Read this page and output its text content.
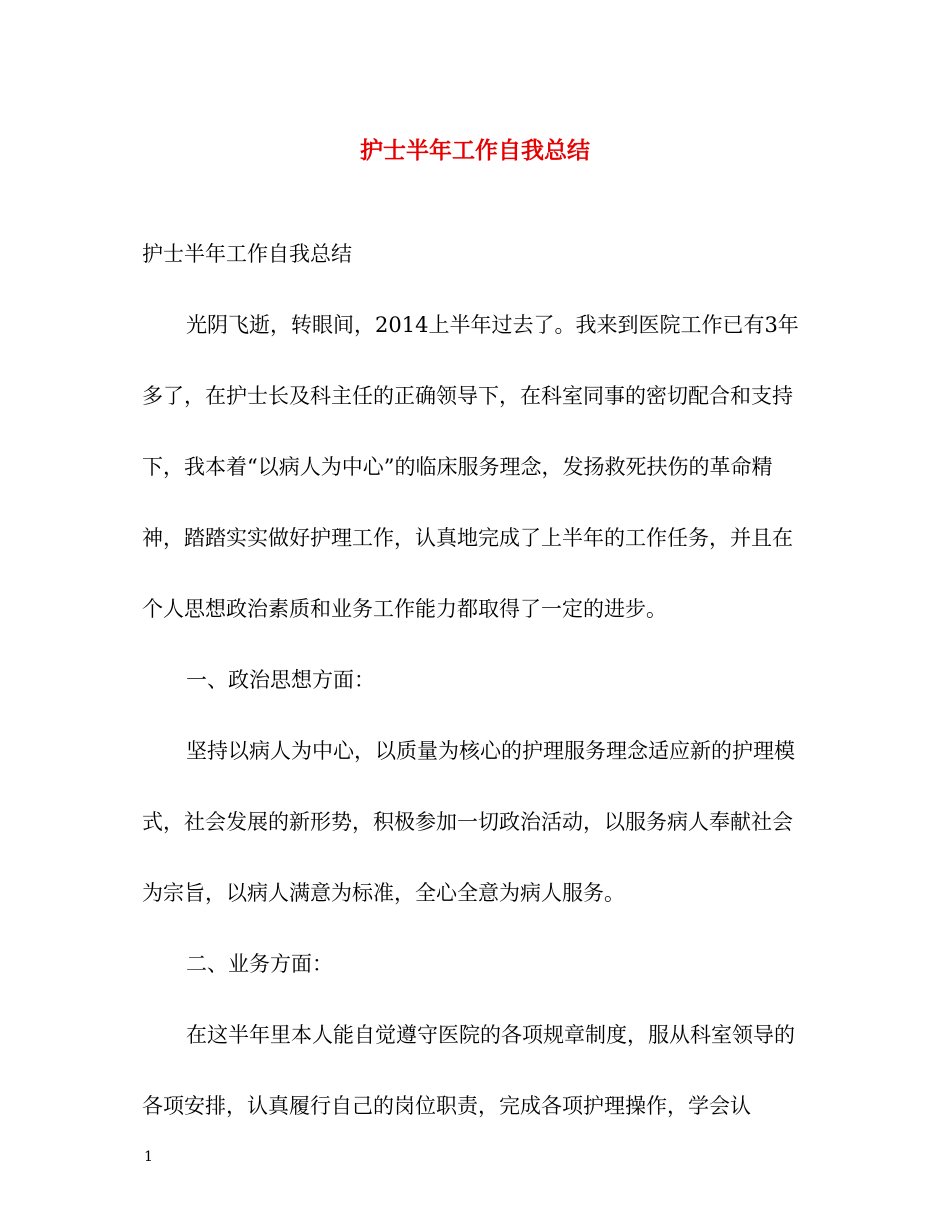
护士半年工作自我总结

护士半年工作自我总结

光阴飞逝，转眼间，2014上半年过去了。我来到医院工作已有3年多了，在护士长及科主任的正确领导下，在科室同事的密切配合和支持下，我本着“以病人为中心”的临床服务理念，发扬救死扶伤的革命精神，踏踏实实做好护理工作，认真地完成了上半年的工作任务，并且在个人思想政治素质和业务工作能力都取得了一定的进步。

一、政治思想方面：

坚持以病人为中心，以质量为核心的护理服务理念适应新的护理模式，社会发展的新形势，积极参加一切政治活动，以服务病人奉献社会为宗旨，以病人满意为标准，全心全意为病人服务。

二、业务方面：

在这半年里本人能自觉遵守医院的各项规章制度，服从科室领导的各项安排，认真履行自己的岗位职责，完成各项护理操作，学会认

1
